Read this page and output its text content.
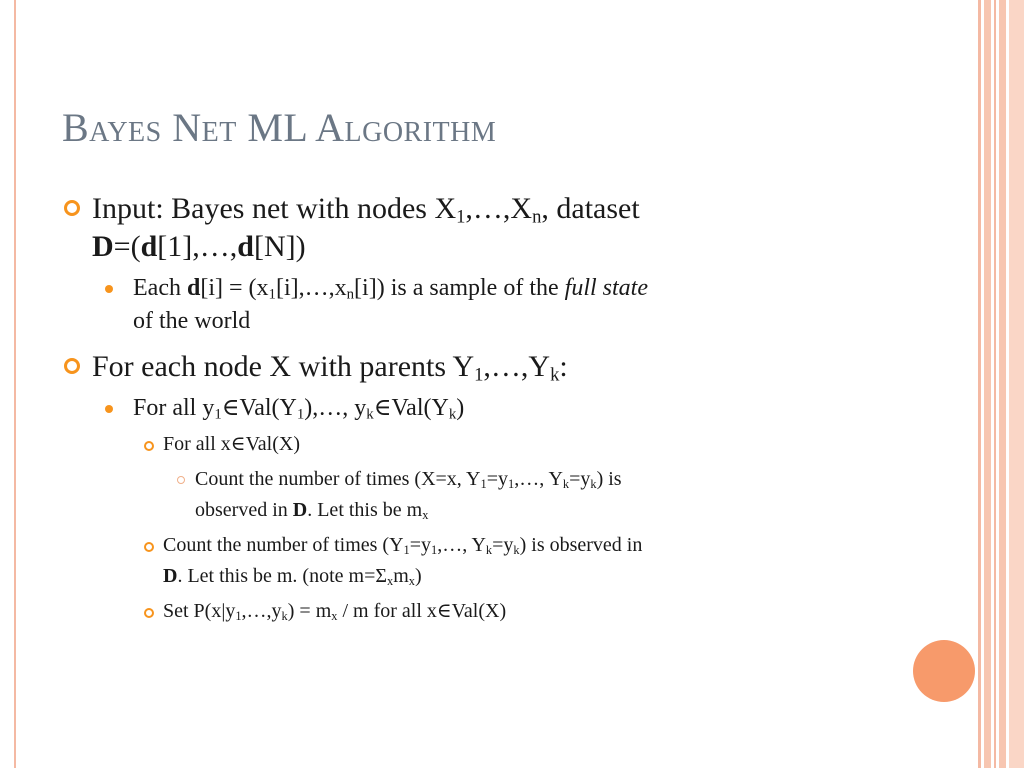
Bayes Net ML Algorithm
Input: Bayes net with nodes $X_1,\dots,X_n$, dataset
D=(d[1],…,d[N])
Each $d[i] = (x_1[i],\dots,x_n[i])$ is a sample of the full state
of the world
For each node X with parents $Y_1,\dots,Y_k$:
For all $y_1\in Val(Y_1),\dots$, $y_k\in Val(Y_k)$
For all x∈Val(X)
Count the number of times (X=x, $Y_1=y_1,\dots$, $Y_k=y_k$) is
observed in D. Let this be $m_x$
Count the number of times ($Y_1=y_1,\dots$, $Y_k=y_k$) is observed in
D. Let this be m. (note $m=\Sigma_xm_x$)
Set $P(x|y_1,\dots,y_k) = m_x / m$ for all x∈Val(X)
